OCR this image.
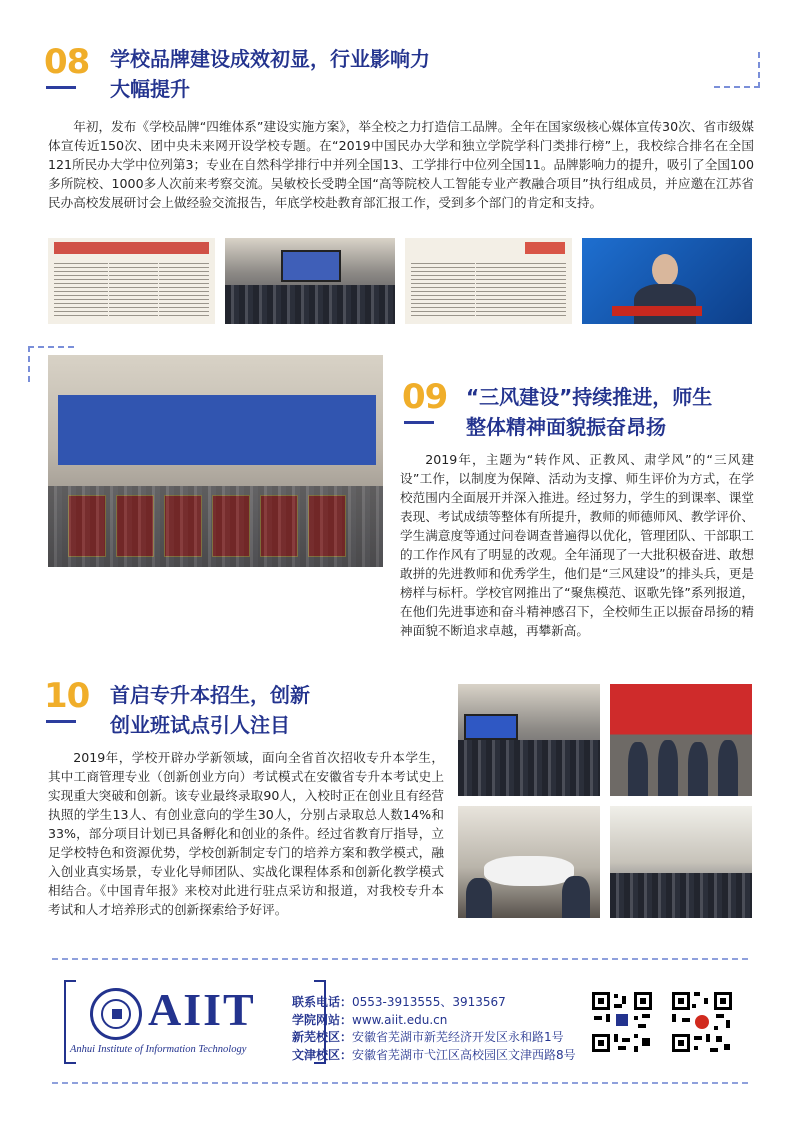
08 学校品牌建设成效初显，行业影响力
大幅提升

年初，发布《学校品牌“四维体系”建设实施方案》，举全校之力打造信工品牌。全年在国家级核心媒体宣传30次、省市级媒体宣传近150次、团中央未来网开设学校专题。在“2019中国民办大学和独立学院学科门类排行榜”上，我校综合排名在全国121所民办大学中位列第3；专业在自然科学排行中并列全国13、工学排行中位列全国11。品牌影响力的提升，吸引了全国100多所院校、1000多人次前来考察交流。吴敏校长受聘全国“高等院校人工智能专业产教融合项目”执行组成员，并应邀在江苏省民办高校发展研讨会上做经验交流报告，年底学校赴教育部汇报工作，受到多个部门的肯定和支持。

09 “三风建设”持续推进，师生
整体精神面貌振奋昂扬

2019年，主题为“转作风、正教风、肃学风”的“三风建设”工作，以制度为保障、活动为支撑、师生评价为方式，在学校范围内全面展开并深入推进。经过努力，学生的到课率、课堂表现、考试成绩等整体有所提升，教师的师德师风、教学评价、学生满意度等通过问卷调查普遍得以优化，管理团队、干部职工的工作作风有了明显的改观。全年涌现了一大批积极奋进、敢想敢拼的先进教师和优秀学生，他们是“三风建设”的排头兵，更是榜样与标杆。学校官网推出了“聚焦模范、讴歌先锋”系列报道，在他们先进事迹和奋斗精神感召下，全校师生正以振奋昂扬的精神面貌不断追求卓越，再攀新高。

10 首启专升本招生，创新
创业班试点引人注目

2019年，学校开辟办学新领域，面向全省首次招收专升本学生，其中工商管理专业（创新创业方向）考试模式在安徽省专升本考试史上实现重大突破和创新。该专业最终录取90人，入校时正在创业且有经营执照的学生13人、有创业意向的学生30人，分别占录取总人数14%和33%，部分项目计划已具备孵化和创业的条件。经过省教育厅指导，立足学校特色和资源优势，学校创新制定专门的培养方案和教学模式，融入创业真实场景，专业化导师团队、实战化课程体系和创新化教学模式相结合。《中国青年报》来校对此进行驻点采访和报道，对我校专升本考试和人才培养形式的创新探索给予好评。

AIIT
Anhui Institute of Information Technology
联系电话：0553-3913555、3913567
学院网站：www.aiit.edu.cn
新芜校区：安徽省芜湖市新芜经济开发区永和路1号
文津校区：安徽省芜湖市弋江区高校园区文津西路8号
